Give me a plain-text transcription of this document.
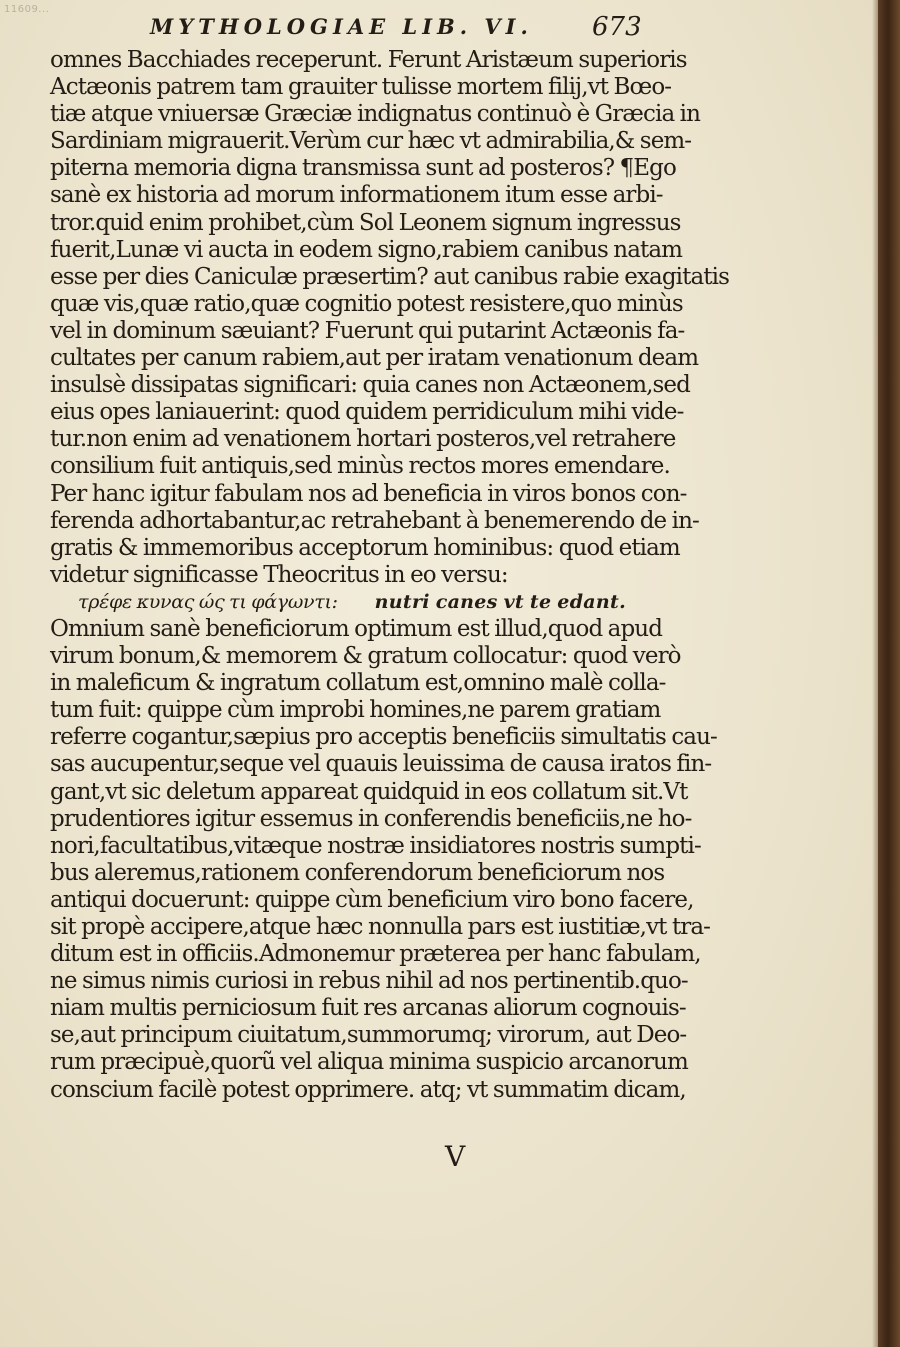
11609...
MYTHOLOGIAE LIB. VI.	673
omnes Bacchiades receperunt. Ferunt Aristæum superioris
Actæonis patrem tam grauiter tulisse mortem filij,vt Bœo-
tiæ atque vniuersæ Græciæ indignatus continuò è Græcia in
Sardiniam migrauerit.Verùm cur hæc vt admirabilia,& sem-
piterna memoria digna transmissa sunt ad posteros? ¶Ego
sanè ex historia ad morum informationem itum esse arbi-
tror.quid enim prohibet,cùm Sol Leonem signum ingressus
fuerit,Lunæ vi aucta in eodem signo,rabiem canibus natam
esse per dies Caniculæ præsertim? aut canibus rabie exagitatis
quæ vis,quæ ratio,quæ cognitio potest resistere,quo minùs
vel in dominum sæuiant? Fuerunt qui putarint Actæonis fa-
cultates per canum rabiem,aut per iratam venationum deam
insulsè dissipatas significari: quia canes non Actæonem,sed
eius opes laniauerint: quod quidem perridiculum mihi vide-
tur.non enim ad venationem hortari posteros,vel retrahere
consilium fuit antiquis,sed minùs rectos mores emendare.
Per hanc igitur fabulam nos ad beneficia in viros bonos con-
ferenda adhortabantur,ac retrahebant à benemerendo de in-
gratis & immemoribus acceptorum hominibus: quod etiam
videtur significasse Theocritus in eo versu:
τρέφε κυνας ώς τι φάγωντι: nutri canes vt te edant.
Omnium sanè beneficiorum optimum est illud,quod apud
virum bonum,& memorem & gratum collocatur: quod verò
in maleficum & ingratum collatum est,omnino malè colla-
tum fuit: quippe cùm improbi homines,ne parem gratiam
referre cogantur,sæpius pro acceptis beneficiis simultatis cau-
sas aucupentur,seque vel quauis leuissima de causa iratos fin-
gant,vt sic deletum appareat quidquid in eos collatum sit.Vt
prudentiores igitur essemus in conferendis beneficiis,ne ho-
nori,facultatibus,vitæque nostræ insidiatores nostris sumpti-
bus aleremus,rationem conferendorum beneficiorum nos
antiqui docuerunt: quippe cùm beneficium viro bono facere,
sit propè accipere,atque hæc nonnulla pars est iustitiæ,vt tra-
ditum est in officiis.Admonemur præterea per hanc fabulam,
ne simus nimis curiosi in rebus nihil ad nos pertinentib.quo-
niam multis perniciosum fuit res arcanas aliorum cognouis-
se,aut principum ciuitatum,summorumq; virorum, aut Deo-
rum præcipuè,quorũ vel aliqua minima suspicio arcanorum
conscium facilè potest opprimere. atq; vt summatim dicam,
V
